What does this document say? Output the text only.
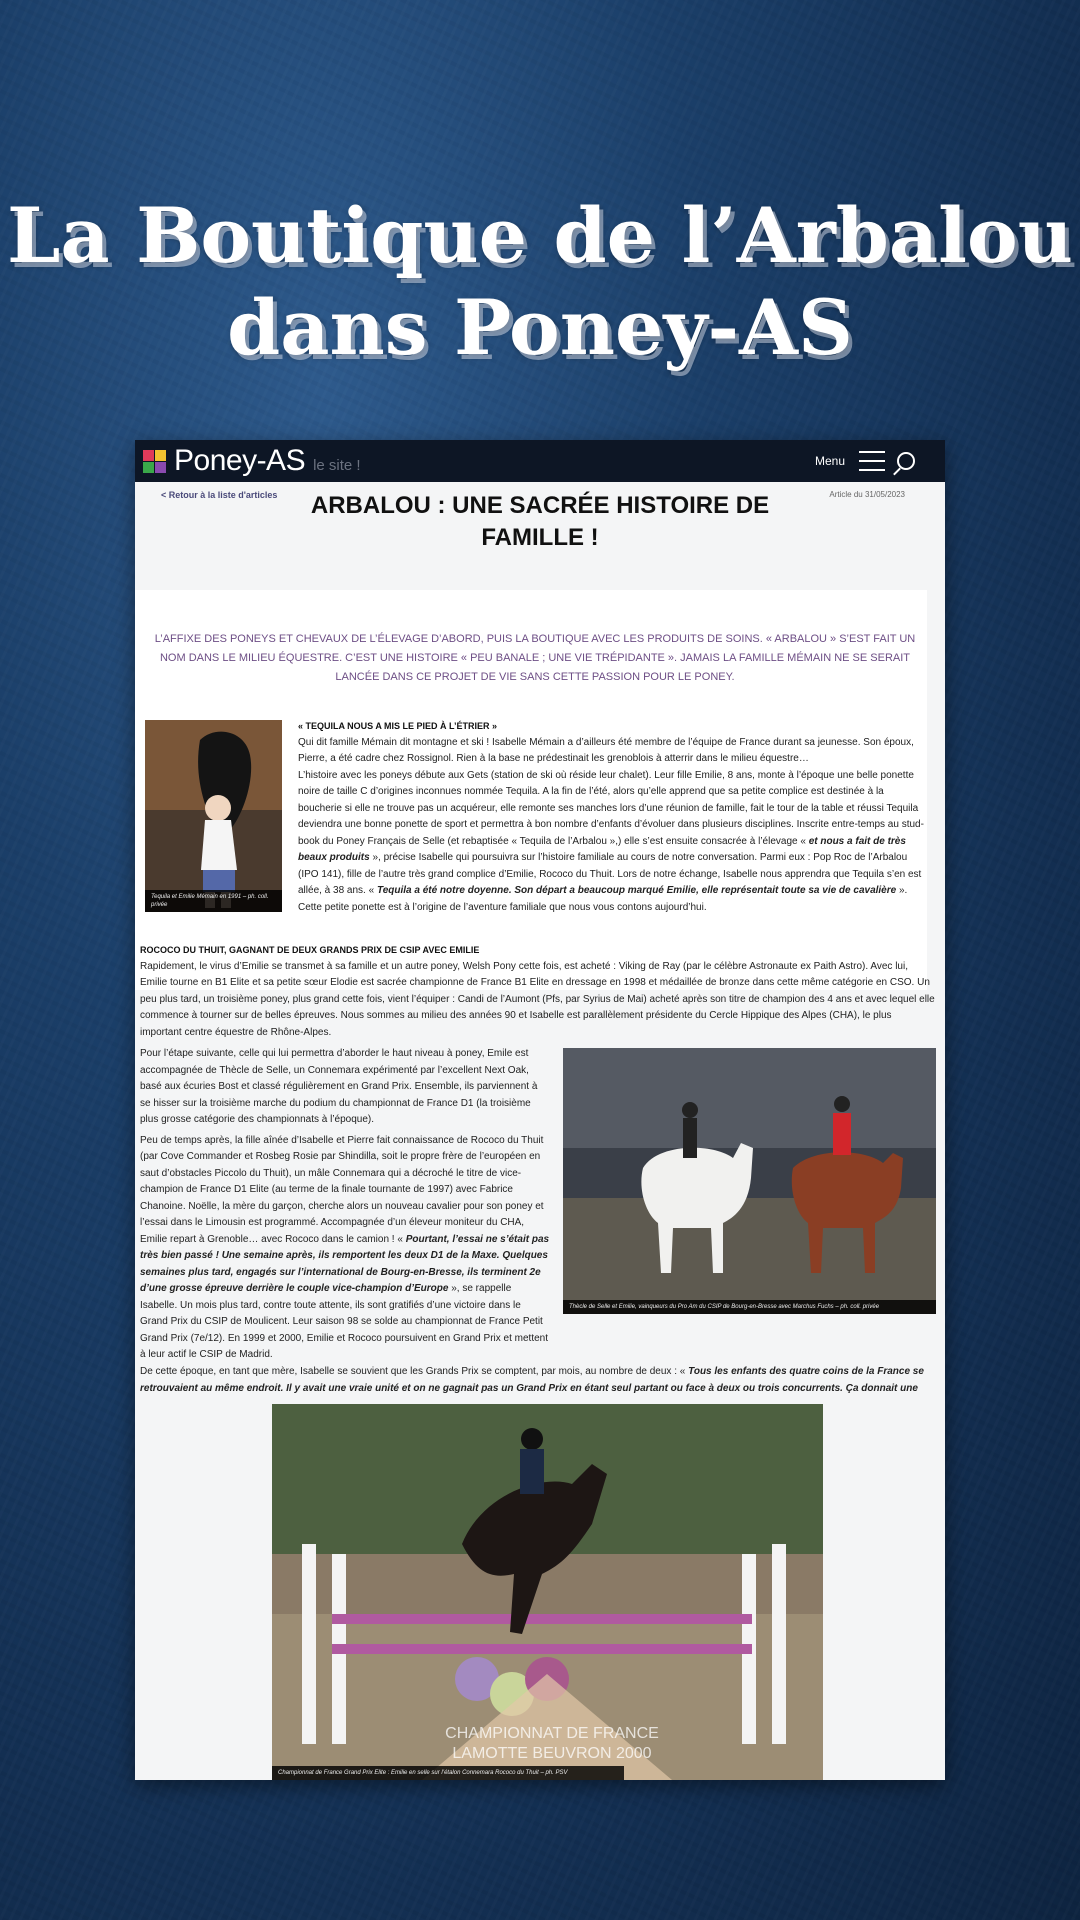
La Boutique de l’Arbalou
dans Poney-AS
Poney-AS le site !	Menu
< Retour à la liste d'articles	Article du 31/05/2023
ARBALOU : UNE SACRÉE HISTOIRE DE FAMILLE !

L’AFFIXE DES PONEYS ET CHEVAUX DE L’ÉLEVAGE D’ABORD, PUIS LA BOUTIQUE AVEC LES PRODUITS DE SOINS. « ARBALOU » S’EST FAIT UN NOM DANS LE MILIEU ÉQUESTRE. C’EST UNE HISTOIRE « PEU BANALE ; UNE VIE TRÉPIDANTE ». JAMAIS LA FAMILLE MÉMAIN NE SE SERAIT LANCÉE DANS CE PROJET DE VIE SANS CETTE PASSION POUR LE PONEY.

Tequila et Emilie Mémain en 1991 – ph. coll. privée
« TEQUILA NOUS A MIS LE PIED À L’ÉTRIER »
Qui dit famille Mémain dit montagne et ski ! Isabelle Mémain a d’ailleurs été membre de l’équipe de France durant sa jeunesse. Son époux, Pierre, a été cadre chez Rossignol. Rien à la base ne prédestinait les grenoblois à atterrir dans le milieu équestre…
L’histoire avec les poneys débute aux Gets (station de ski où réside leur chalet). Leur fille Emilie, 8 ans, monte à l’époque une belle ponette noire de taille C d’origines inconnues nommée Tequila. A la fin de l’été, alors qu’elle apprend que sa petite complice est destinée à la boucherie si elle ne trouve pas un acquéreur, elle remonte ses manches lors d’une réunion de famille, fait le tour de la table et réussi Tequila deviendra une bonne ponette de sport et permettra à bon nombre d’enfants d’évoluer dans plusieurs disciplines. Inscrite entre-temps au stud-book du Poney Français de Selle (et rebaptisée « Tequila de l’Arbalou »,) elle s’est ensuite consacrée à l’élevage « et nous a fait de très beaux produits », précise Isabelle qui poursuivra sur l’histoire familiale au cours de notre conversation. Parmi eux : Pop Roc de l’Arbalou (IPO 141), fille de l’autre très grand complice d’Emilie, Rococo du Thuit. Lors de notre échange, Isabelle nous apprendra que Tequila s’en est allée, à 38 ans. « Tequila a été notre doyenne. Son départ a beaucoup marqué Emilie, elle représentait toute sa vie de cavalière ». Cette petite ponette est à l’origine de l’aventure familiale que nous vous contons aujourd’hui.
ROCOCO DU THUIT, GAGNANT DE DEUX GRANDS PRIX DE CSIP AVEC EMILIE
Rapidement, le virus d’Emilie se transmet à sa famille et un autre poney, Welsh Pony cette fois, est acheté : Viking de Ray (par le célèbre Astronaute ex Paith Astro). Avec lui, Emilie tourne en B1 Elite et sa petite sœur Elodie est sacrée championne de France B1 Elite en dressage en 1998 et médaillée de bronze dans cette même catégorie en CSO. Un peu plus tard, un troisième poney, plus grand cette fois, vient l’équiper : Candi de l’Aumont (Pfs, par Syrius de Mai) acheté après son titre de champion des 4 ans et avec lequel elle commence à tourner sur de belles épreuves. Nous sommes au milieu des années 90 et Isabelle est parallèlement présidente du Cercle Hippique des Alpes (CHA), le plus important centre équestre de Rhône-Alpes.
Pour l’étape suivante, celle qui lui permettra d’aborder le haut niveau à poney, Emile est accompagnée de Thècle de Selle, un Connemara expérimenté par l’excellent Next Oak, basé aux écuries Bost et classé régulièrement en Grand Prix. Ensemble, ils parviennent à se hisser sur la troisième marche du podium du championnat de France D1 (la troisième plus grosse catégorie des championnats à l’époque).
Peu de temps après, la fille aînée d’Isabelle et Pierre fait connaissance de Rococo du Thuit (par Cove Commander et Rosbeg Rosie par Shindilla, soit le propre frère de l’européen en saut d’obstacles Piccolo du Thuit), un mâle Connemara qui a décroché le titre de vice-champion de France D1 Elite (au terme de la finale tournante de 1997) avec Fabrice Chanoine. Noëlle, la mère du garçon, cherche alors un nouveau cavalier pour son poney et l’essai dans le Limousin est programmé. Accompagnée d’un éleveur moniteur du CHA, Emilie repart à Grenoble… avec Rococo dans le camion ! « Pourtant, l’essai ne s’était pas très bien passé ! Une semaine après, ils remportent les deux D1 de la Maxe. Quelques semaines plus tard, engagés sur l’international de Bourg-en-Bresse, ils terminent 2e d’une grosse épreuve derrière le couple vice-champion d’Europe », se rappelle Isabelle. Un mois plus tard, contre toute attente, ils sont gratifiés d’une victoire dans le Grand Prix du CSIP de Moulicent. Leur saison 98 se solde au championnat de France Petit Grand Prix (7e/12). En 1999 et 2000, Emilie et Rococo poursuivent en Grand Prix et mettent à leur actif le CSIP de Madrid.
Thècle de Selle et Emilie, vainqueurs du Pro Am du CSIP de Bourg-en-Bresse avec Marchus Fuchs – ph. coll. privée
De cette époque, en tant que mère, Isabelle se souvient que les Grands Prix se comptent, par mois, au nombre de deux : « Tous les enfants des quatre coins de la France se retrouvaient au même endroit. Il y avait une vraie unité et on ne gagnait pas un Grand Prix en étant seul partant ou face à deux ou trois concurrents. Ça donnait une
CHAMPIONNAT DE FRANCE
LAMOTTE BEUVRON 2000
Championnat de France Grand Prix Elite : Emilie en selle sur l’étalon Connemara Rococo du Thuit – ph. PSV
